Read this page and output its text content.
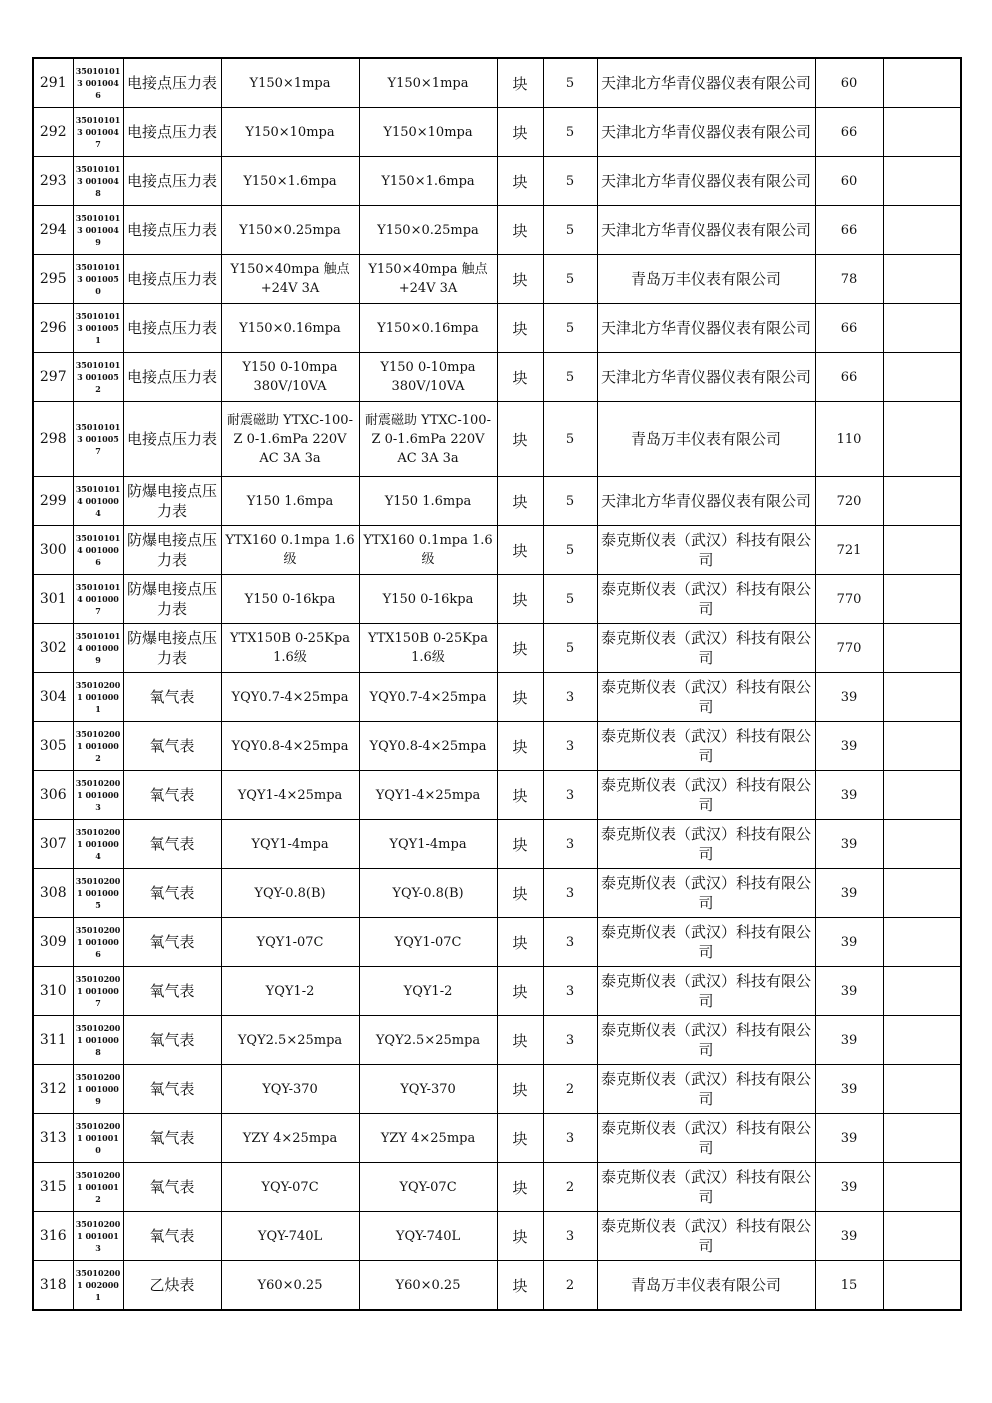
291	350101013 0010046	电接点压力表	Y150×1mpa	Y150×1mpa	块	5	天津北方华青仪器仪表有限公司	60	
292	350101013 0010047	电接点压力表	Y150×10mpa	Y150×10mpa	块	5	天津北方华青仪器仪表有限公司	66	
293	350101013 0010048	电接点压力表	Y150×1.6mpa	Y150×1.6mpa	块	5	天津北方华青仪器仪表有限公司	60	
294	350101013 0010049	电接点压力表	Y150×0.25mpa	Y150×0.25mpa	块	5	天津北方华青仪器仪表有限公司	66	
295	350101013 0010050	电接点压力表	Y150×40mpa 触点+24V 3A	Y150×40mpa 触点+24V 3A	块	5	青岛万丰仪表有限公司	78	
296	350101013 0010051	电接点压力表	Y150×0.16mpa	Y150×0.16mpa	块	5	天津北方华青仪器仪表有限公司	66	
297	350101013 0010052	电接点压力表	Y150 0-10mpa 380V/10VA	Y150 0-10mpa 380V/10VA	块	5	天津北方华青仪器仪表有限公司	66	
298	350101013 0010057	电接点压力表	耐震磁助 YTXC-100-Z 0-1.6mPa 220V AC 3A 3a	耐震磁助 YTXC-100-Z 0-1.6mPa 220V AC 3A 3a	块	5	青岛万丰仪表有限公司	110	
299	350101014 0010004	防爆电接点压力表	Y150 1.6mpa	Y150 1.6mpa	块	5	天津北方华青仪器仪表有限公司	720	
300	350101014 0010006	防爆电接点压力表	YTX160 0.1mpa 1.6级	YTX160 0.1mpa 1.6级	块	5	泰克斯仪表（武汉）科技有限公司	721	
301	350101014 0010007	防爆电接点压力表	Y150 0-16kpa	Y150 0-16kpa	块	5	泰克斯仪表（武汉）科技有限公司	770	
302	350101014 0010009	防爆电接点压力表	YTX150B 0-25Kpa 1.6级	YTX150B 0-25Kpa 1.6级	块	5	泰克斯仪表（武汉）科技有限公司	770	
304	350102001 0010001	氧气表	YQY0.7-4×25mpa	YQY0.7-4×25mpa	块	3	泰克斯仪表（武汉）科技有限公司	39	
305	350102001 0010002	氧气表	YQY0.8-4×25mpa	YQY0.8-4×25mpa	块	3	泰克斯仪表（武汉）科技有限公司	39	
306	350102001 0010003	氧气表	YQY1-4×25mpa	YQY1-4×25mpa	块	3	泰克斯仪表（武汉）科技有限公司	39	
307	350102001 0010004	氧气表	YQY1-4mpa	YQY1-4mpa	块	3	泰克斯仪表（武汉）科技有限公司	39	
308	350102001 0010005	氧气表	YQY-0.8(B)	YQY-0.8(B)	块	3	泰克斯仪表（武汉）科技有限公司	39	
309	350102001 0010006	氧气表	YQY1-07C	YQY1-07C	块	3	泰克斯仪表（武汉）科技有限公司	39	
310	350102001 0010007	氧气表	YQY1-2	YQY1-2	块	3	泰克斯仪表（武汉）科技有限公司	39	
311	350102001 0010008	氧气表	YQY2.5×25mpa	YQY2.5×25mpa	块	3	泰克斯仪表（武汉）科技有限公司	39	
312	350102001 0010009	氧气表	YQY-370	YQY-370	块	2	泰克斯仪表（武汉）科技有限公司	39	
313	350102001 0010010	氧气表	YZY 4×25mpa	YZY 4×25mpa	块	3	泰克斯仪表（武汉）科技有限公司	39	
315	350102001 0010012	氧气表	YQY-07C	YQY-07C	块	2	泰克斯仪表（武汉）科技有限公司	39	
316	350102001 0010013	氧气表	YQY-740L	YQY-740L	块	3	泰克斯仪表（武汉）科技有限公司	39	
318	350102001 0020001	乙炔表	Y60×0.25	Y60×0.25	块	2	青岛万丰仪表有限公司	15	
